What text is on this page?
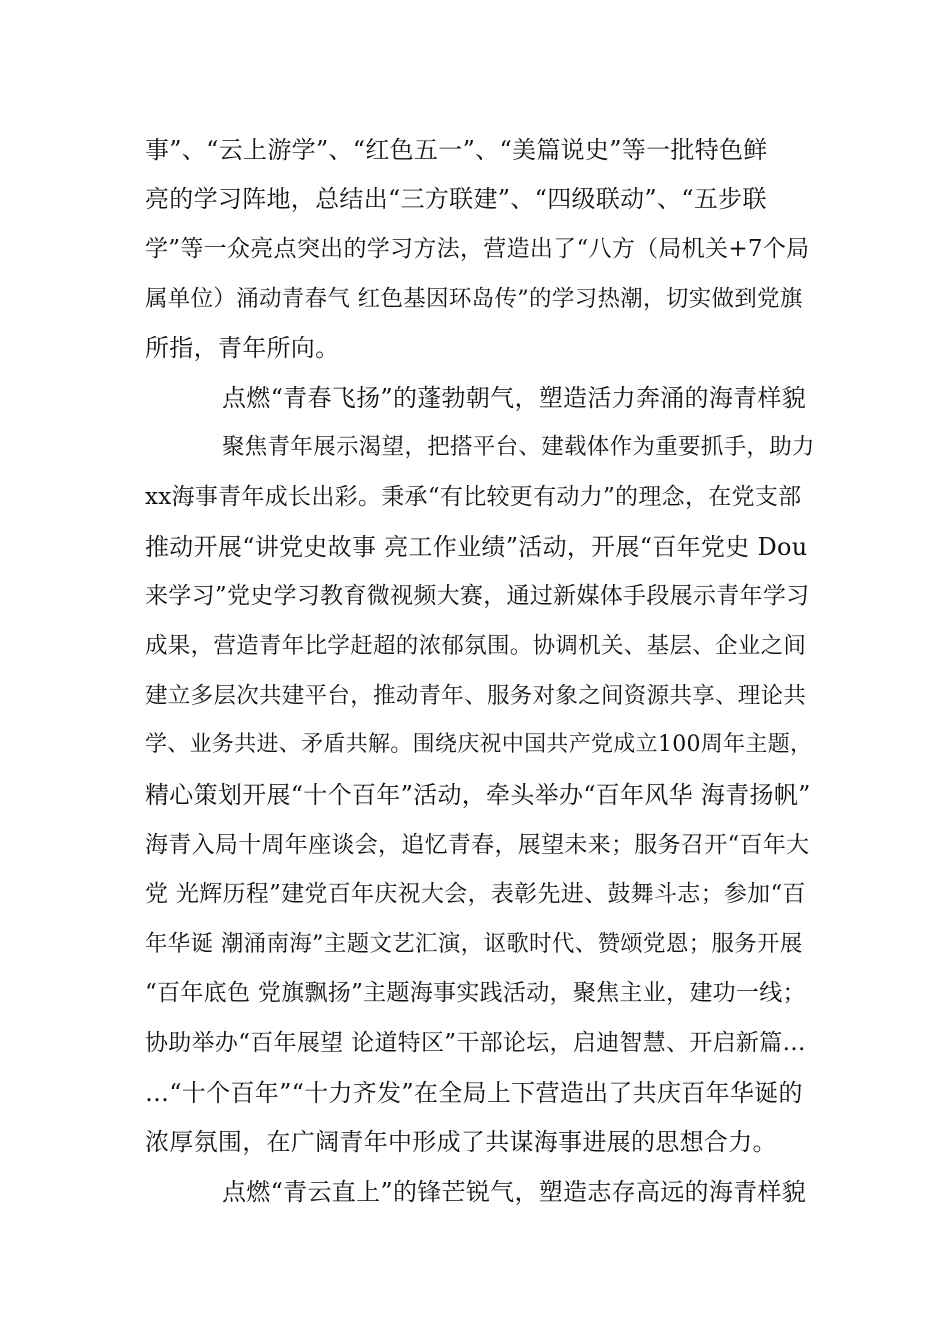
事”、“云上游学”、“红色五一”、“美篇说史”等一批特色鲜
亮的学习阵地，总结出“三方联建”、“四级联动”、“五步联
学”等一众亮点突出的学习方法，营造出了“八方（局机关+7个局
属单位）涌动青春气 红色基因环岛传”的学习热潮，切实做到党旗
所指，青年所向。
点燃“青春飞扬”的蓬勃朝气，塑造活力奔涌的海青样貌
聚焦青年展示渴望，把搭平台、建载体作为重要抓手，助力
xx海事青年成长出彩。秉承“有比较更有动力”的理念，在党支部
推动开展“讲党史故事 亮工作业绩”活动，开展“百年党史 Dou
来学习”党史学习教育微视频大赛，通过新媒体手段展示青年学习
成果，营造青年比学赶超的浓郁氛围。协调机关、基层、企业之间
建立多层次共建平台，推动青年、服务对象之间资源共享、理论共
学、业务共进、矛盾共解。围绕庆祝中国共产党成立100周年主题，
精心策划开展“十个百年”活动，牵头举办“百年风华 海青扬帆”
海青入局十周年座谈会，追忆青春，展望未来；服务召开“百年大
党 光辉历程”建党百年庆祝大会，表彰先进、鼓舞斗志；参加“百
年华诞 潮涌南海”主题文艺汇演，讴歌时代、赞颂党恩；服务开展
“百年底色 党旗飘扬”主题海事实践活动，聚焦主业，建功一线；
协助举办“百年展望 论道特区”干部论坛，启迪智慧、开启新篇…
…“十个百年”“十力齐发”在全局上下营造出了共庆百年华诞的
浓厚氛围，在广阔青年中形成了共谋海事进展的思想合力。
点燃“青云直上”的锋芒锐气，塑造志存高远的海青样貌
